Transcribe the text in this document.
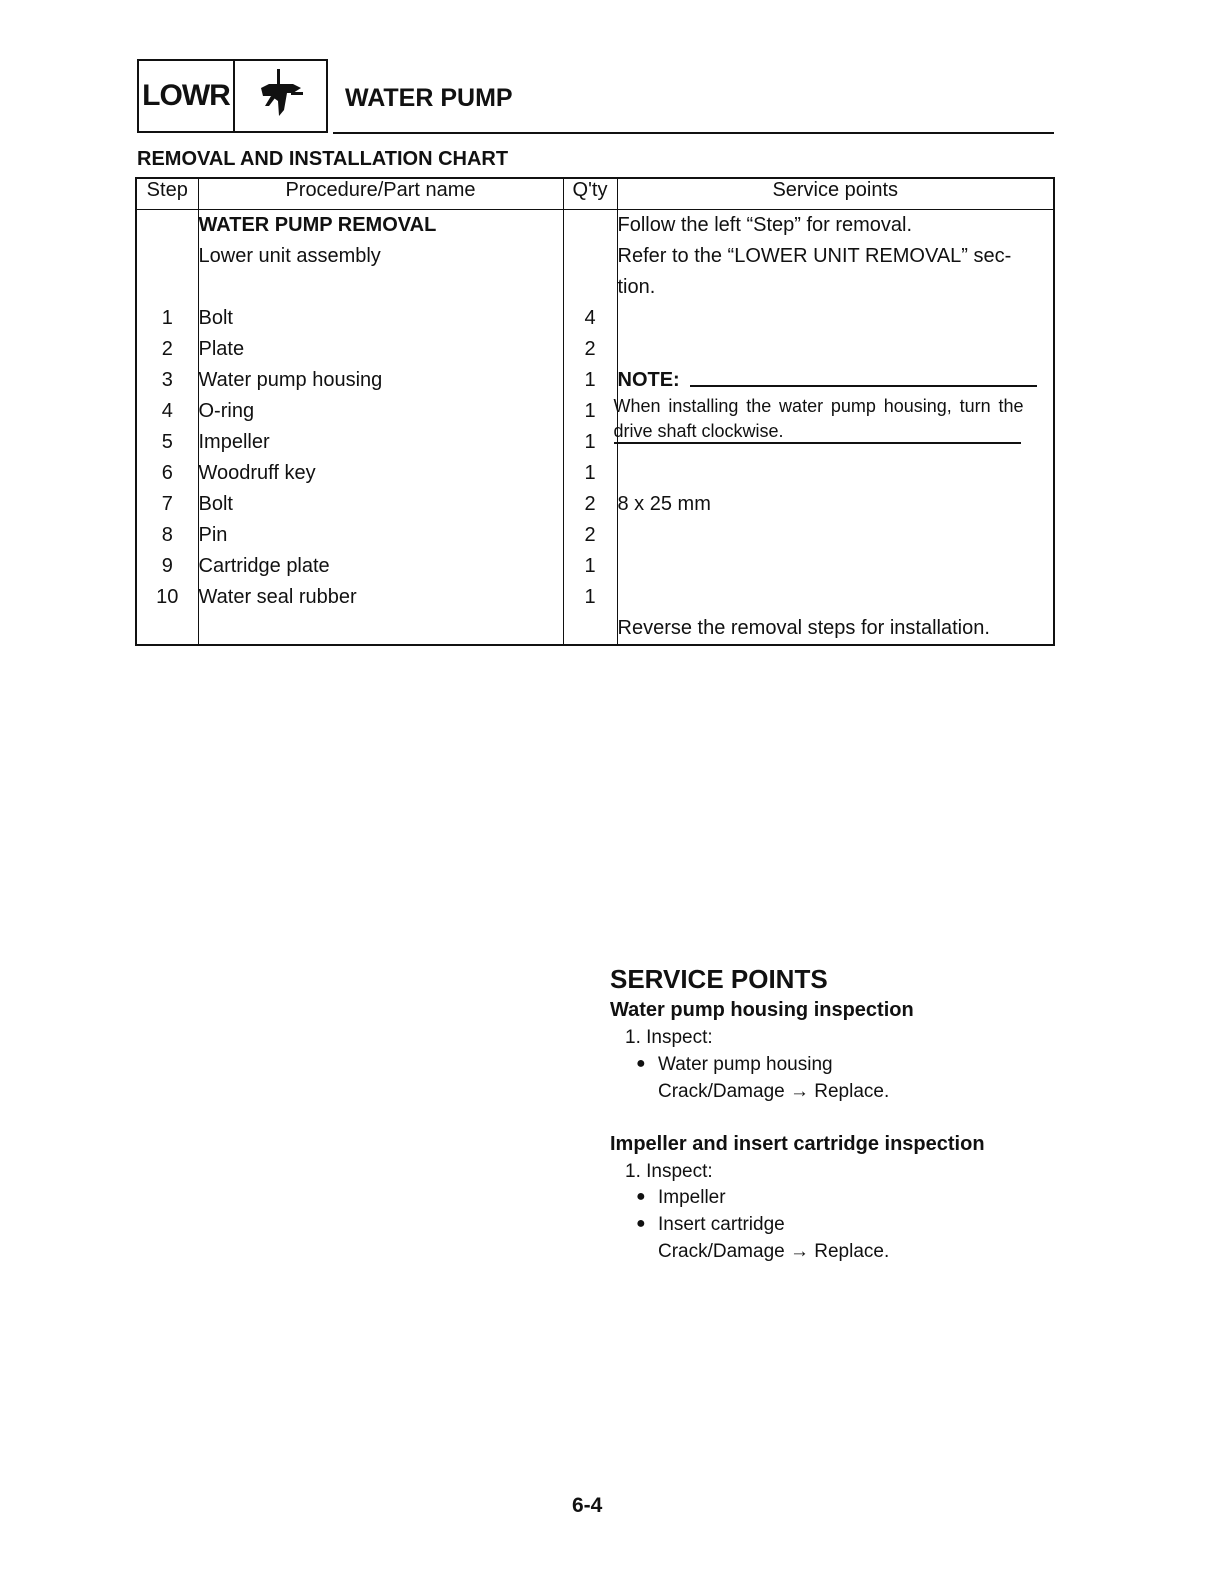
LOWR	WATER PUMP
REMOVAL AND INSTALLATION CHART
Step	Procedure/Part name	Q'ty	Service points
	WATER PUMP REMOVAL		Follow the left “Step” for removal.
	Lower unit assembly		Refer to the “LOWER UNIT REMOVAL” sec-
			tion.
1	Bolt	4	
2	Plate	2	
3	Water pump housing	1	NOTE:
When installing the water pump housing, turn the drive shaft clockwise.

4	O-ring	1	
5	Impeller	1	
6	Woodruff key	1	
7	Bolt	2	8 x 25 mm
8	Pin	2	
9	Cartridge plate	1	
10	Water seal rubber	1	
			Reverse the removal steps for installation.
SERVICE POINTS
Water pump housing inspection
1. Inspect:
● Water pump housing
Crack/Damage → Replace.
Impeller and insert cartridge inspection
1. Inspect:
● Impeller
● Insert cartridge
Crack/Damage → Replace.
6-4
